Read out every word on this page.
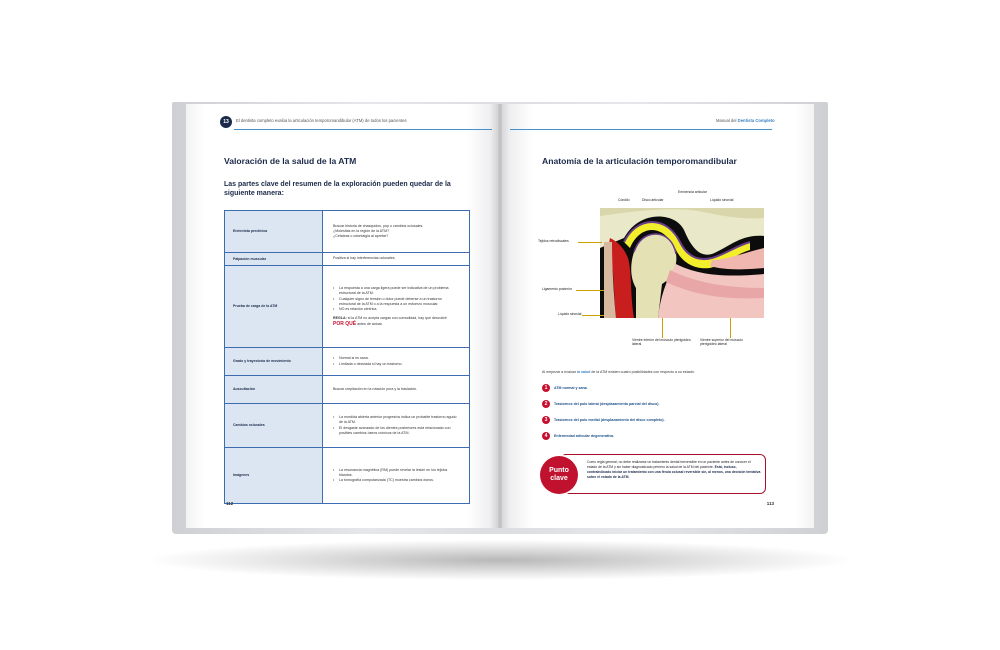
13	El dentista completo evalúa la articulación temporomandibular (ATM) de todos los pacientes
Valoración de la salud de la ATM
Las partes clave del resumen de la exploración pueden quedar de la siguiente manera:
Entrevista preclínica	Buscar historia de chasquidos, pop o cambios oclusales.
¿Molestias en la región de la ATM?
¿Cefaleas o odontalgia al apretar?

Palpación muscular	Positiva si hay interferencias oclusales.
Prueba de carga de la ATM	• La respuesta a una carga ligera puede ser indicativa de un problema estructural de la ATM.
• Cualquier signo de tensión o dolor puede deberse a un trastorno estructural de la ATM o a la respuesta a un esfuerzo muscular.
• NO es relación céntrica.
REGLA: si la ATM no acepta cargas con comodidad, hay que descubrir
POR QUÉ antes de actuar.

Grado y trayectoria de movimiento	• Normal si es sana.
• Limitada o desviada si hay un trastorno.

Auscultación	Buscar crepitación en la rotación pura y la traslación.
Cambios oclusales	• La mordida abierta anterior progresiva indica un probable trastorno agudo de la ATM.
• El desgaste avanzado de los dientes posteriores está relacionado con posibles cambios óseos crónicos de la ATM.

Imágenes	• La resonancia magnética (RM) puede revelar la lesión en los tejidos blandos.
• La tomografía computarizada (TC) muestra cambios óseos.
112
Manual del Dentista Completo
Anatomía de la articulación temporomandibular
Cóndilo	Disco articular
Eminencia articular
Líquido sinovial
Tejidos retrodiscales
Ligamento posterior
Líquido sinovial
Vientre inferior del músculo pterigoideo lateral
Vientre superior del músculo pterigoideo lateral
Al empezar a evaluar la salud de la ATM existen cuatro posibilidades con respecto a su estado:
1	ATM normal y sana.
2	Trastornos del polo lateral (desplazamiento parcial del disco).
3	Trastornos del polo medial (desplazamiento del disco completo).
4	Enfermedad articular degenerativa.
Como regla general, no debe realizarse un tratamiento dental irreversible en un paciente antes de conocer el estado de la ATM y sin haber diagnosticado primero la salud de la ATM del paciente. Está, incluso, contraindicado iniciar un tratamiento con una férula oclusal reversible sin, al menos, una decisión tentativa sobre el estado de la ATM.
Punto
clave
113
